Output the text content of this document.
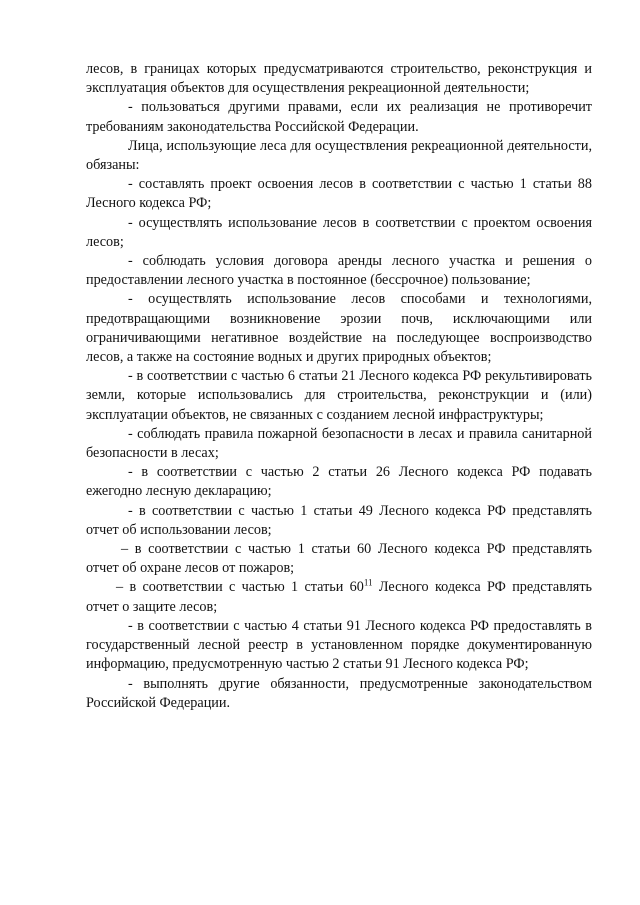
лесов, в границах которых предусматриваются строительство, реконструкция и эксплуатация объектов для осуществления рекреационной деятельности;

- пользоваться другими правами, если их реализация не противоречит требованиям законодательства Российской Федерации.

Лица, использующие леса для осуществления рекреационной деятельности, обязаны:

- составлять проект освоения лесов в соответствии с частью 1 статьи 88 Лесного кодекса РФ;

- осуществлять использование лесов в соответствии с проектом освоения лесов;

- соблюдать условия договора аренды лесного участка и решения о предоставлении лесного участка в постоянное (бессрочное) пользование;

- осуществлять использование лесов способами и технологиями, предотвращающими возникновение эрозии почв, исключающими или ограничивающими негативное воздействие на последующее воспроизводство лесов, а также на состояние водных и других природных объектов;

- в соответствии с частью 6 статьи 21 Лесного кодекса РФ рекультивировать земли, которые использовались для строительства, реконструкции и (или) эксплуатации объектов, не связанных с созданием лесной инфраструктуры;

- соблюдать правила пожарной безопасности в лесах и правила санитарной безопасности в лесах;

- в соответствии с частью 2 статьи 26 Лесного кодекса РФ подавать ежегодно лесную декларацию;

- в соответствии с частью 1 статьи 49 Лесного кодекса РФ представлять отчет об использовании лесов;

– в соответствии с частью 1 статьи 60 Лесного кодекса РФ представлять отчет об охране лесов от пожаров;

– в соответствии с частью 1 статьи $60^{11}$ Лесного кодекса РФ представлять отчет о защите лесов;

- в соответствии с частью 4 статьи 91 Лесного кодекса РФ предоставлять в государственный лесной реестр в установленном порядке документированную информацию, предусмотренную частью 2 статьи 91 Лесного кодекса РФ;

- выполнять другие обязанности, предусмотренные законодательством Российской Федерации.
